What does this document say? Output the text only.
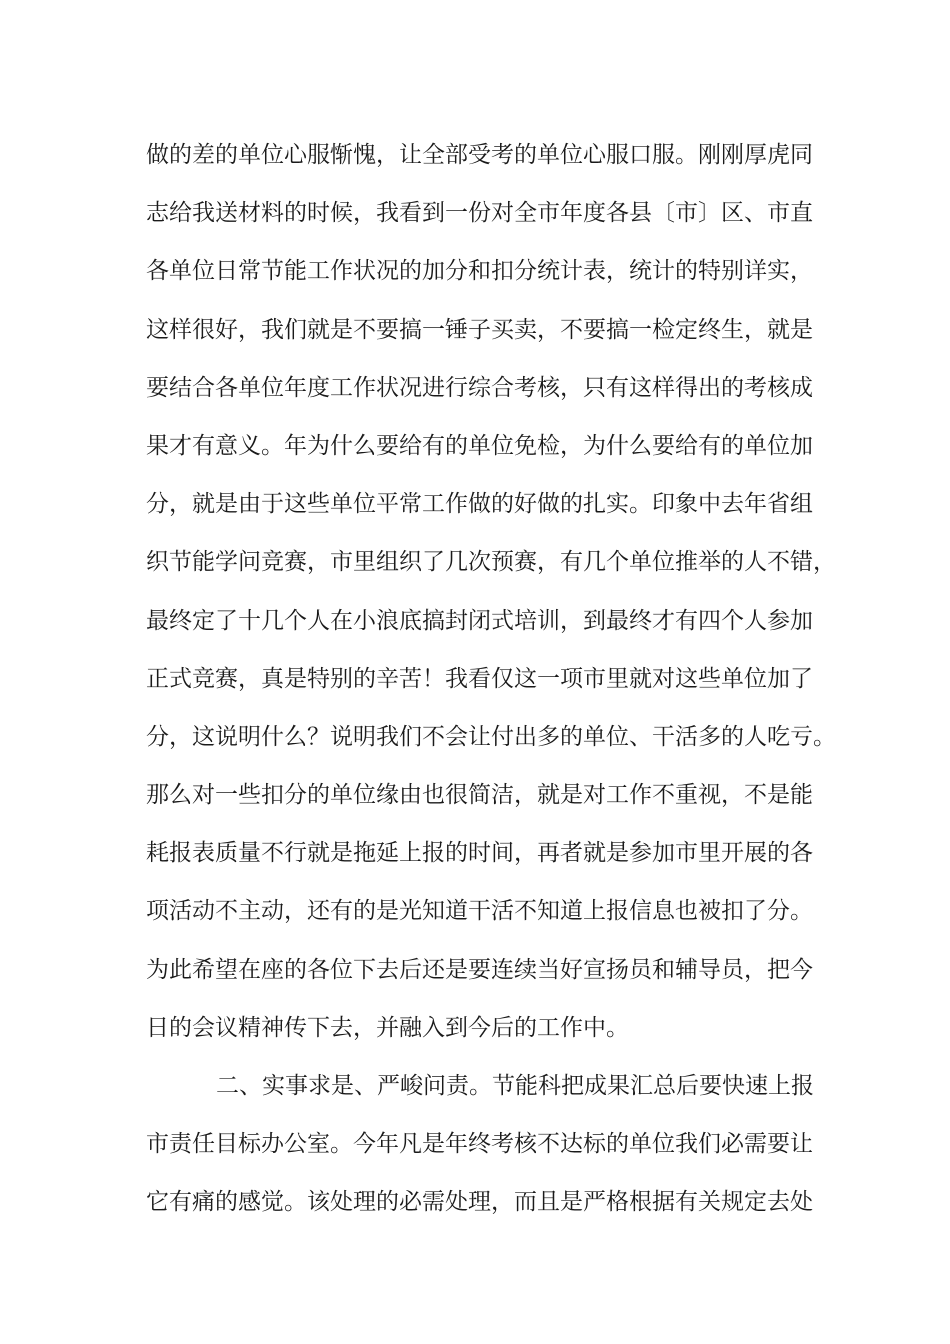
做的差的单位心服惭愧，让全部受考的单位心服口服。刚刚厚虎同
志给我送材料的时候，我看到一份对全市年度各县〔市〕区、市直
各单位日常节能工作状况的加分和扣分统计表，统计的特别详实，
这样很好，我们就是不要搞一锤子买卖，不要搞一检定终生，就是
要结合各单位年度工作状况进行综合考核，只有这样得出的考核成
果才有意义。年为什么要给有的单位免检，为什么要给有的单位加
分，就是由于这些单位平常工作做的好做的扎实。印象中去年省组
织节能学问竞赛，市里组织了几次预赛，有几个单位推举的人不错，
最终定了十几个人在小浪底搞封闭式培训，到最终才有四个人参加
正式竞赛，真是特别的辛苦！我看仅这一项市里就对这些单位加了
分，这说明什么？说明我们不会让付出多的单位、干活多的人吃亏。
那么对一些扣分的单位缘由也很简洁，就是对工作不重视，不是能
耗报表质量不行就是拖延上报的时间，再者就是参加市里开展的各
项活动不主动，还有的是光知道干活不知道上报信息也被扣了分。
为此希望在座的各位下去后还是要连续当好宣扬员和辅导员，把今
日的会议精神传下去，并融入到今后的工作中。
二、实事求是、严峻问责。节能科把成果汇总后要快速上报
市责任目标办公室。今年凡是年终考核不达标的单位我们必需要让
它有痛的感觉。该处理的必需处理，而且是严格根据有关规定去处
